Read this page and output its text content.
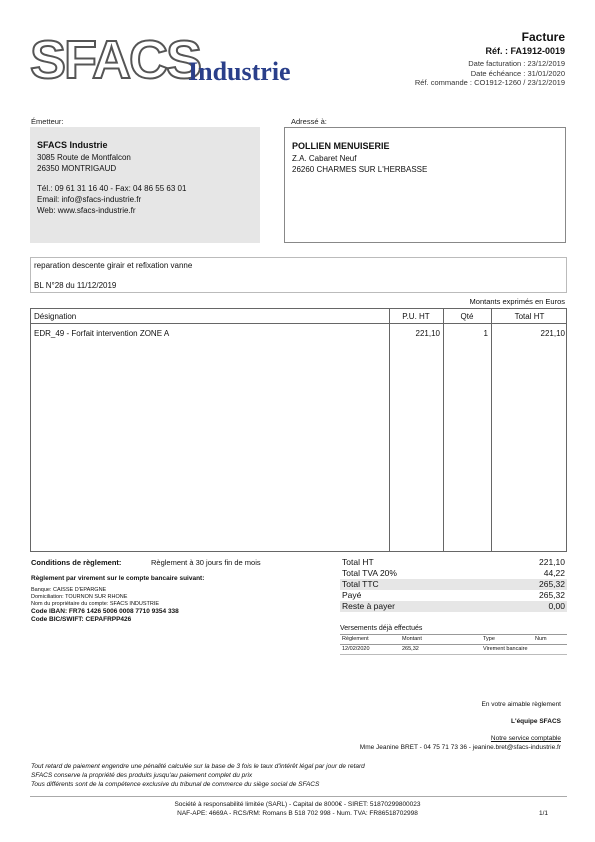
SFACS
Industrie
Facture
Réf. : FA1912-0019
Date facturation : 23/12/2019
Date échéance : 31/01/2020
Réf. commande : CO1912-1260 / 23/12/2019
Émetteur:
SFACS Industrie
3085 Route de Montfalcon
26350 MONTRIGAUD
Tél.: 09 61 31 16 40 - Fax: 04 86 55 63 01
Email: info@sfacs-industrie.fr
Web: www.sfacs-industrie.fr
Adressé à:
POLLIEN MENUISERIE
Z.A. Cabaret Neuf
26260 CHARMES SUR L'HERBASSE
reparation descente girair et refixation vanne
BL N°28 du 11/12/2019
Montants exprimés en Euros
Désignation	P.U. HT	Qté	Total HT
EDR_49 - Forfait intervention ZONE A	221,10	1	221,10
Conditions de règlement:	Règlement à 30 jours fin de mois
Règlement par virement sur le compte bancaire suivant:
Banque: CAISSE D'EPARGNE
Domiciliation: TOURNON SUR RHONE
Nom du propriétaire du compte: SFACS INDUSTRIE
Code IBAN: FR76 1426 5006 0008 7710 9354 338
Code BIC/SWIFT: CEPAFRPP426
Total HT	221,10
Total TVA 20%	44,22
Total TTC	265,32
Payé	265,32
Reste à payer	0,00
Versements déjà effectués
Règlement	Montant	Type	Num
12/02/2020	265,32	Virement bancaire
En votre aimable règlement
L'équipe SFACS
Notre service comptable
Mme Jeanine BRET - 04 75 71 73 36 - jeanine.bret@sfacs-industrie.fr
Tout retard de paiement engendre une pénalité calculée sur la base de 3 fois le taux d'intérêt légal par jour de retard
SFACS conserve la propriété des produits jusqu'au paiement complet du prix
Tous différents sont de la compétence exclusive du tribunal de commerce du siège social de SFACS
Société à responsabilité limitée (SARL) - Capital de 8000€ - SIRET: 51870299800023
NAF-APE: 4669A - RCS/RM: Romans B 518 702 998 - Num. TVA: FR86518702998	1/1
